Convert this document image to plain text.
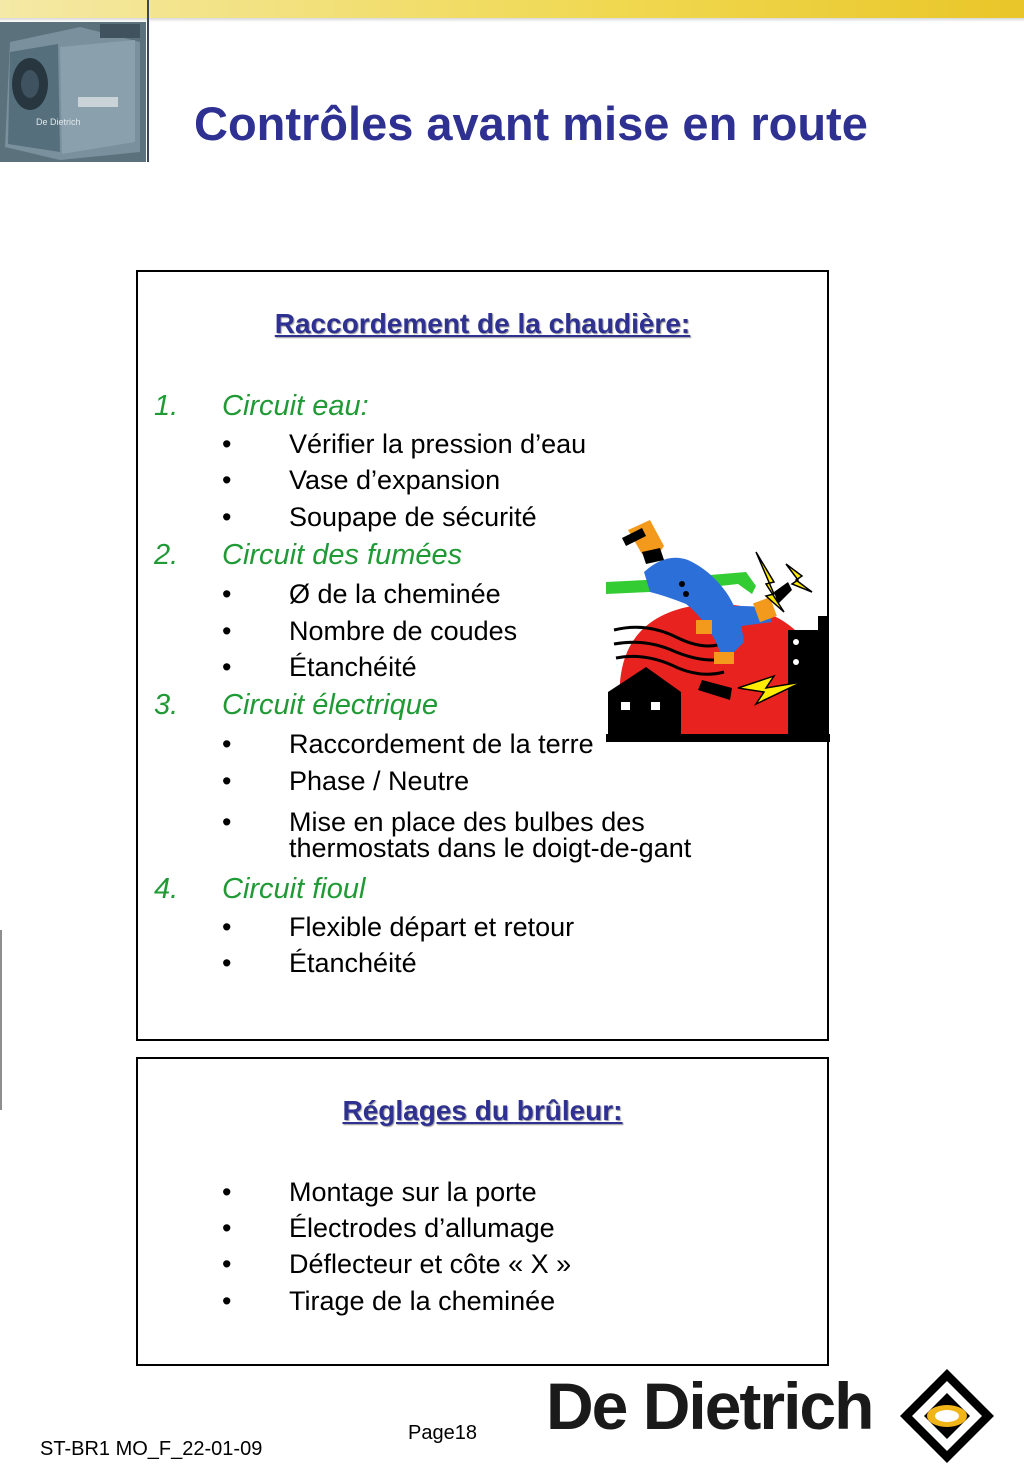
De Dietrich Contrôles avant mise en route
Raccordement de la chaudière:
1. Circuit eau:
• Vérifier la pression d’eau
• Vase d’expansion
• Soupape de sécurité
2. Circuit des fumées
• Ø de la cheminée
• Nombre de coudes
• Étanchéité
3. Circuit électrique
• Raccordement de la terre
• Phase / Neutre
• Mise en place des bulbes des
thermostats dans le doigt-de-gant
4. Circuit fioul
• Flexible départ et retour
• Étanchéité
Réglages du brûleur:
• Montage sur la porte
• Électrodes d’allumage
• Déflecteur et côte « X »
• Tirage de la cheminée
ST-BR1 MO_F_22-01-09
Page18 De Dietrich
